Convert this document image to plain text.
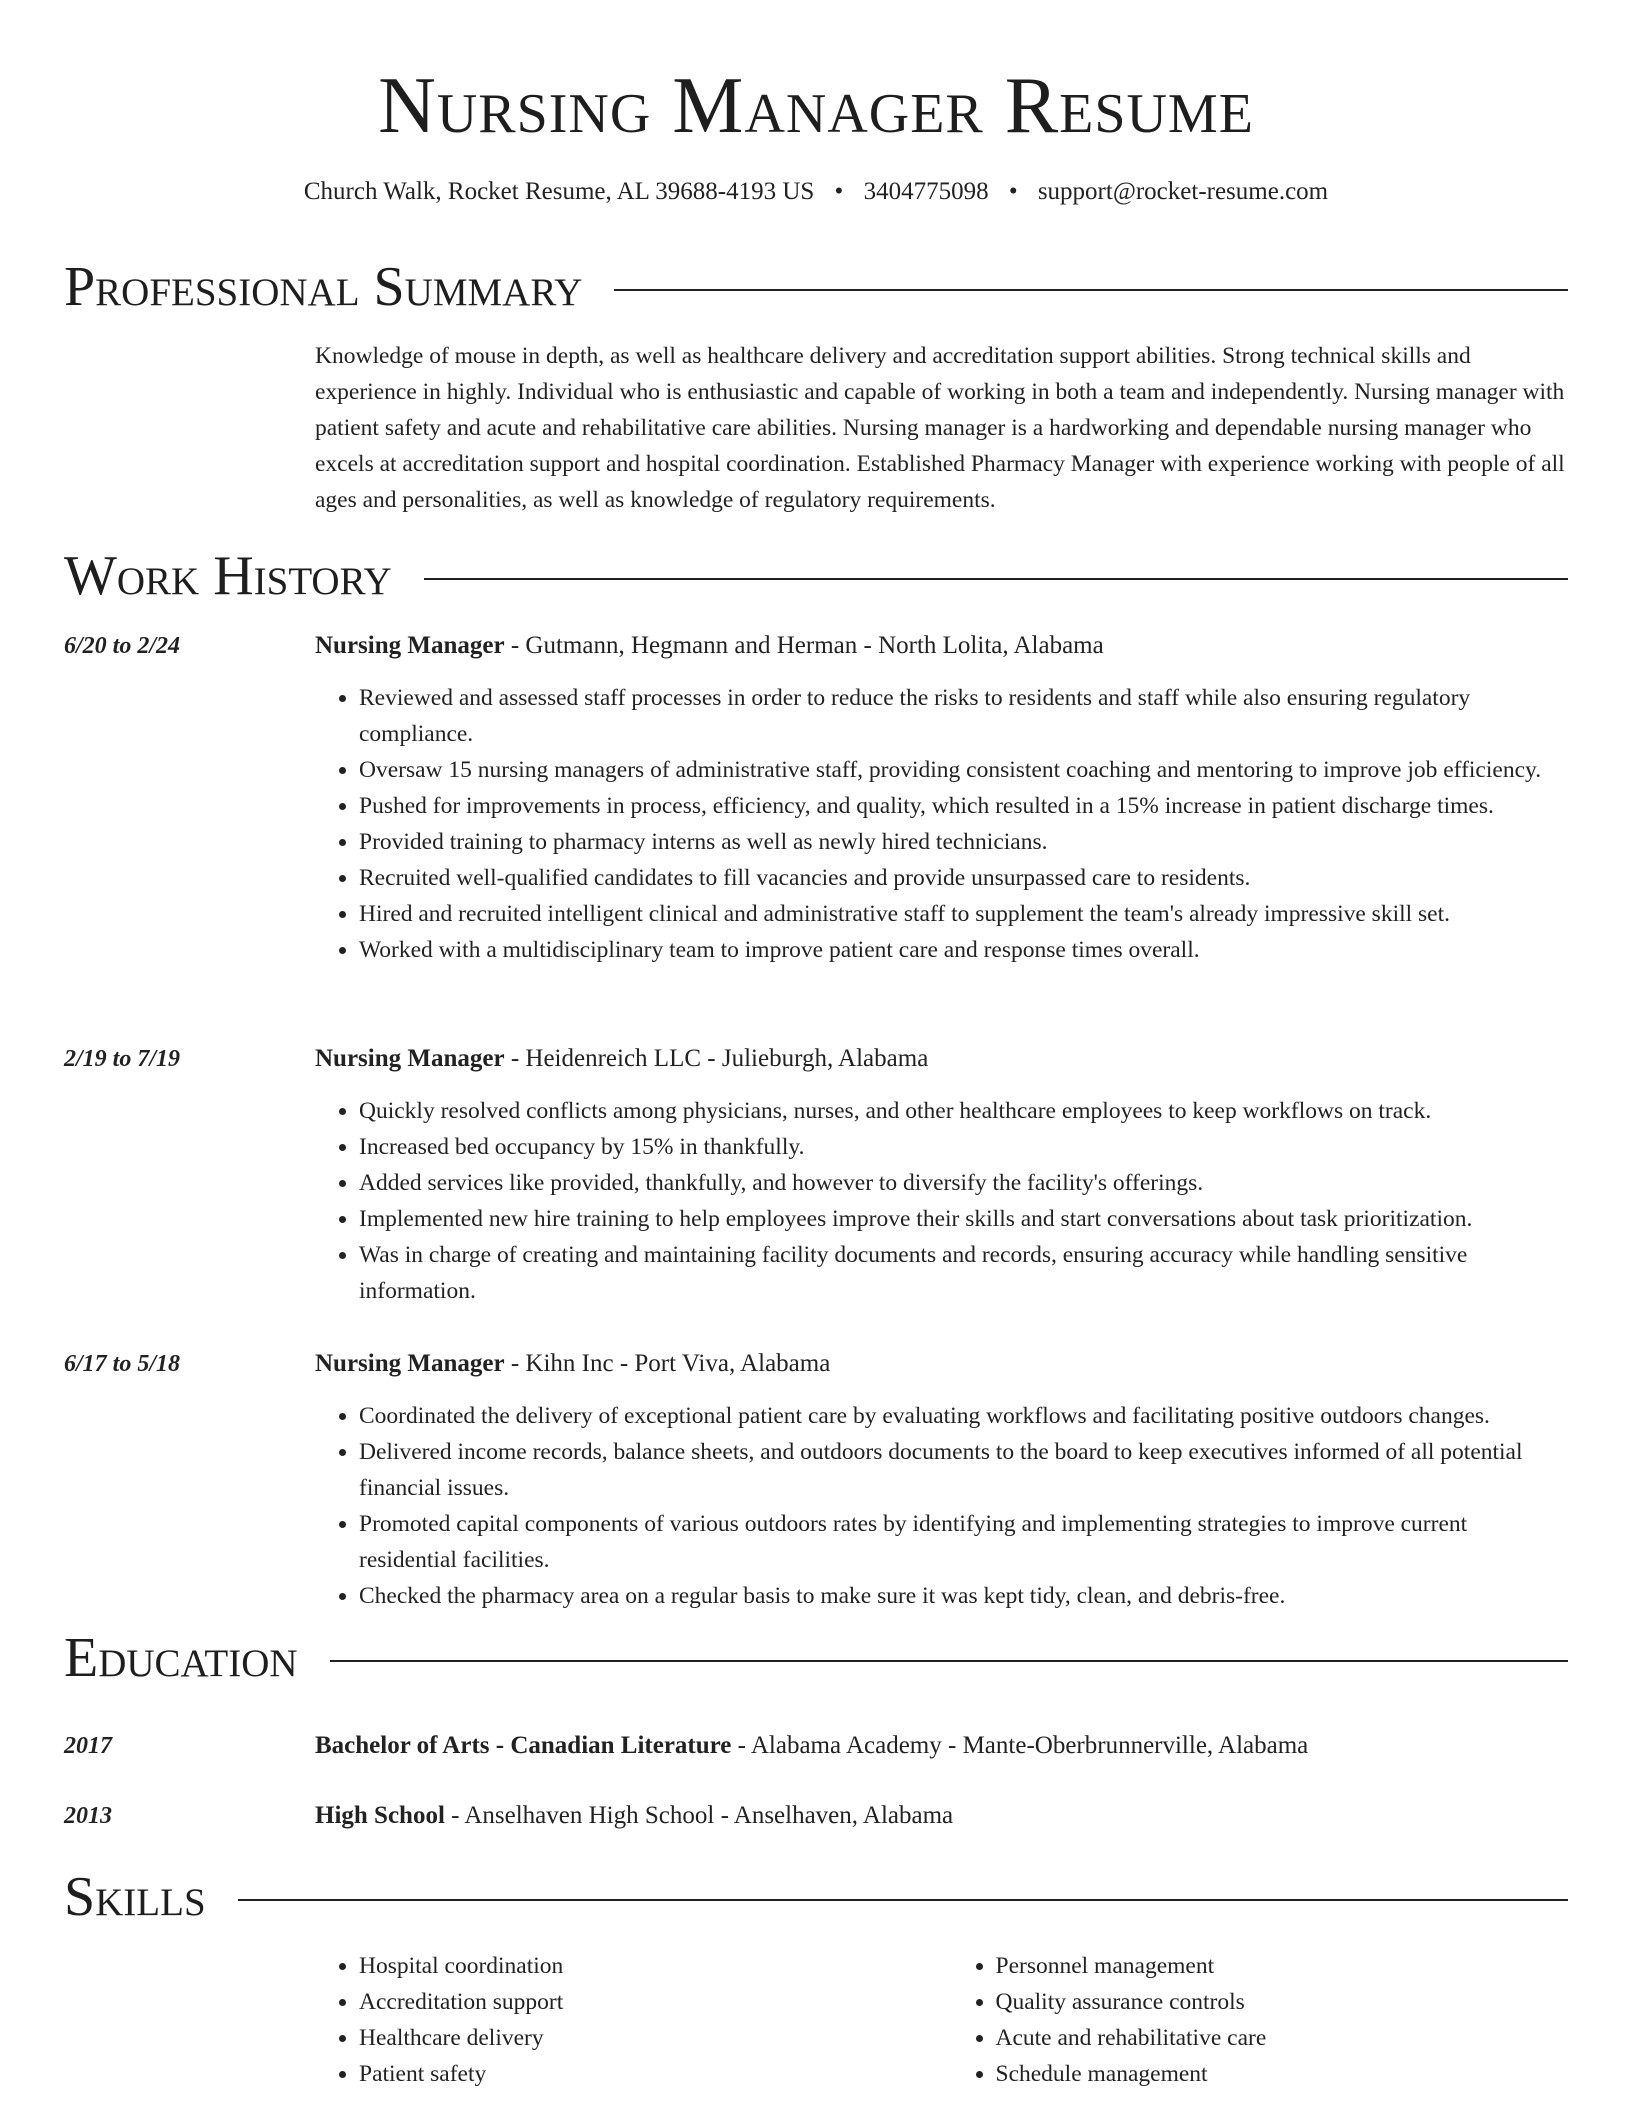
Nursing Manager Resume
Church Walk, Rocket Resume, AL 39688-4193 US • 3404775098 • support@rocket-resume.com
Professional Summary

Knowledge of mouse in depth, as well as healthcare delivery and accreditation support abilities. Strong technical skills and experience in highly. Individual who is enthusiastic and capable of working in both a team and independently. Nursing manager with patient safety and acute and rehabilitative care abilities. Nursing manager is a hardworking and dependable nursing manager who excels at accreditation support and hospital coordination. Established Pharmacy Manager with experience working with people of all ages and personalities, as well as knowledge of regulatory requirements.

Work History
6/20 to 2/24	Nursing Manager - Gutmann, Hegmann and Herman - North Lolita, Alabama
• Reviewed and assessed staff processes in order to reduce the risks to residents and staff while also ensuring regulatory compliance.
• Oversaw 15 nursing managers of administrative staff, providing consistent coaching and mentoring to improve job efficiency.
• Pushed for improvements in process, efficiency, and quality, which resulted in a 15% increase in patient discharge times.
• Provided training to pharmacy interns as well as newly hired technicians.
• Recruited well-qualified candidates to fill vacancies and provide unsurpassed care to residents.
• Hired and recruited intelligent clinical and administrative staff to supplement the team's already impressive skill set.
• Worked with a multidisciplinary team to improve patient care and response times overall.
2/19 to 7/19	Nursing Manager - Heidenreich LLC - Julieburgh, Alabama
• Quickly resolved conflicts among physicians, nurses, and other healthcare employees to keep workflows on track.
• Increased bed occupancy by 15% in thankfully.
• Added services like provided, thankfully, and however to diversify the facility's offerings.
• Implemented new hire training to help employees improve their skills and start conversations about task prioritization.
• Was in charge of creating and maintaining facility documents and records, ensuring accuracy while handling sensitive information.
6/17 to 5/18	Nursing Manager - Kihn Inc - Port Viva, Alabama
• Coordinated the delivery of exceptional patient care by evaluating workflows and facilitating positive outdoors changes.
• Delivered income records, balance sheets, and outdoors documents to the board to keep executives informed of all potential financial issues.
• Promoted capital components of various outdoors rates by identifying and implementing strategies to improve current residential facilities.
• Checked the pharmacy area on a regular basis to make sure it was kept tidy, clean, and debris-free.
Education
2017	Bachelor of Arts - Canadian Literature - Alabama Academy - Mante-Oberbrunnerville, Alabama
2013	High School - Anselhaven High School - Anselhaven, Alabama
Skills
• Hospital coordination
• Accreditation support
• Healthcare delivery
• Patient safety
• Personnel management
• Quality assurance controls
• Acute and rehabilitative care
• Schedule management
